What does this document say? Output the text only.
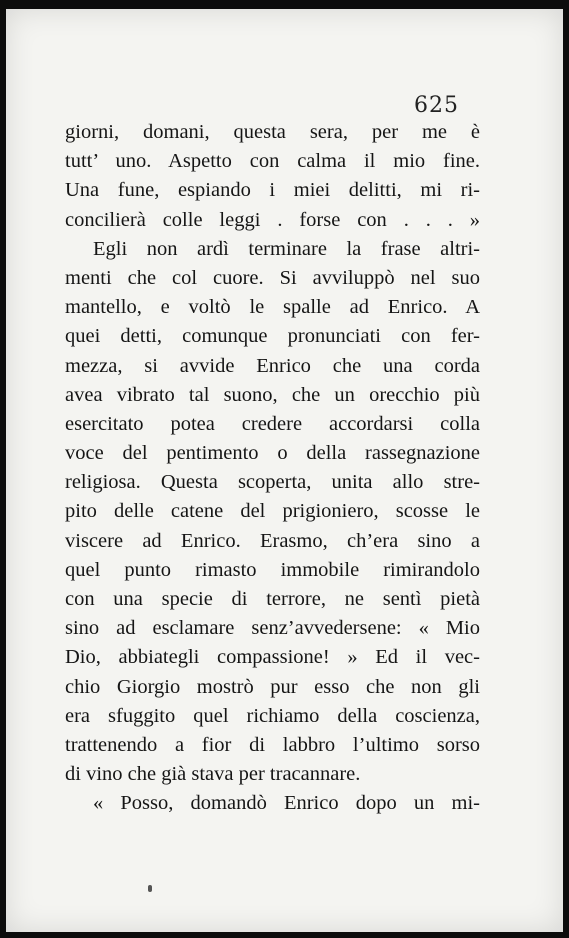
625
giorni, domani, questa sera, per me è
tutt’ uno. Aspetto con calma il mio fine.
Una fune, espiando i miei delitti, mi ri-
concilierà colle leggi . forse con . . . »
Egli non ardì terminare la frase altri-
menti che col cuore. Si avviluppò nel suo
mantello, e voltò le spalle ad Enrico. A
quei detti, comunque pronunciati con fer-
mezza, si avvide Enrico che una corda
avea vibrato tal suono, che un orecchio più
esercitato potea credere accordarsi colla
voce del pentimento o della rassegnazione
religiosa. Questa scoperta, unita allo stre-
pito delle catene del prigioniero, scosse le
viscere ad Enrico. Erasmo, ch’era sino a
quel punto rimasto immobile rimirandolo
con una specie di terrore, ne sentì pietà
sino ad esclamare senz’avvedersene: « Mio
Dio, abbiategli compassione! » Ed il vec-
chio Giorgio mostrò pur esso che non gli
era sfuggito quel richiamo della coscienza,
trattenendo a fior di labbro l’ultimo sorso
di vino che già stava per tracannare.
« Posso, domandò Enrico dopo un mi-
